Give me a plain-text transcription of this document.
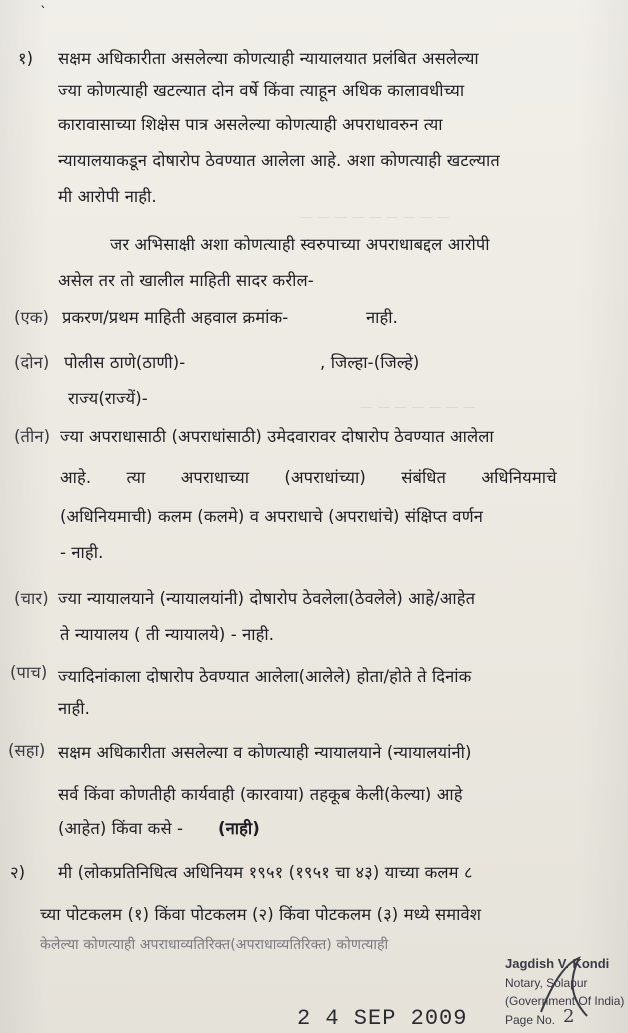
— — — — — — — — —
— — — — — — —
`
१) सक्षम अधिकारीता असलेल्या कोणत्याही न्यायालयात प्रलंबित असलेल्या
ज्या कोणत्याही खटल्यात दोन वर्षे किंवा त्याहून अधिक कालावधीच्या
कारावासाच्या शिक्षेस पात्र असलेल्या कोणत्याही अपराधावरुन त्या
न्यायालयाकडून दोषारोप ठेवण्यात आलेला आहे. अशा कोणत्याही खटल्यात
मी आरोपी नाही.
जर अभिसाक्षी अशा कोणत्याही स्वरुपाच्या अपराधाबद्दल आरोपी
असेल तर तो खालील माहिती सादर करील-
(एक) प्रकरण/प्रथम माहिती अहवाल क्रमांक-	नाही.
(दोन) पोलीस ठाणे(ठाणी)-	, जिल्हा-(जिल्हे)
राज्य(राज्यें)-
(तीन) ज्या अपराधासाठी (अपराधांसाठी) उमेदवारावर दोषारोप ठेवण्यात आलेला
आहे. त्या अपराधाच्या (अपराधांच्या) संबंधित अधिनियमाचे
(अधिनियमाची) कलम (कलमे) व अपराधाचे (अपराधांचे) संक्षिप्त वर्णन
- नाही.
(चार) ज्या न्यायालयाने (न्यायालयांनी) दोषारोप ठेवलेला(ठेवलेले) आहे/आहेत
ते न्यायालय ( ती न्यायालये) - नाही.
(पाच) ज्यादिनांकाला दोषारोप ठेवण्यात आलेला(आलेले) होता/होते ते दिनांक
नाही.
(सहा) सक्षम अधिकारीता असलेल्या व कोणत्याही न्यायालयाने (न्यायालयांनी)
सर्व किंवा कोणतीही कार्यवाही (कारवाया) तहकूब केली(केल्या) आहे
(आहेत) किंवा कसे - (नाही)
२) मी (लोकप्रतिनिधित्व अधिनियम १९५१ (१९५१ चा ४३) याच्या कलम ८
च्या पोटकलम (१) किंवा पोटकलम (२) किंवा पोटकलम (३) मध्ये समावेश
केलेल्या कोणत्याही अपराधाव्यतिरिक्त(अपराधाव्यतिरिक्त) कोणत्याही
2 4 SEP 2009
Jagdish V. Kondi
Notary, Solapur
(Government Of India)
Page No. 2
